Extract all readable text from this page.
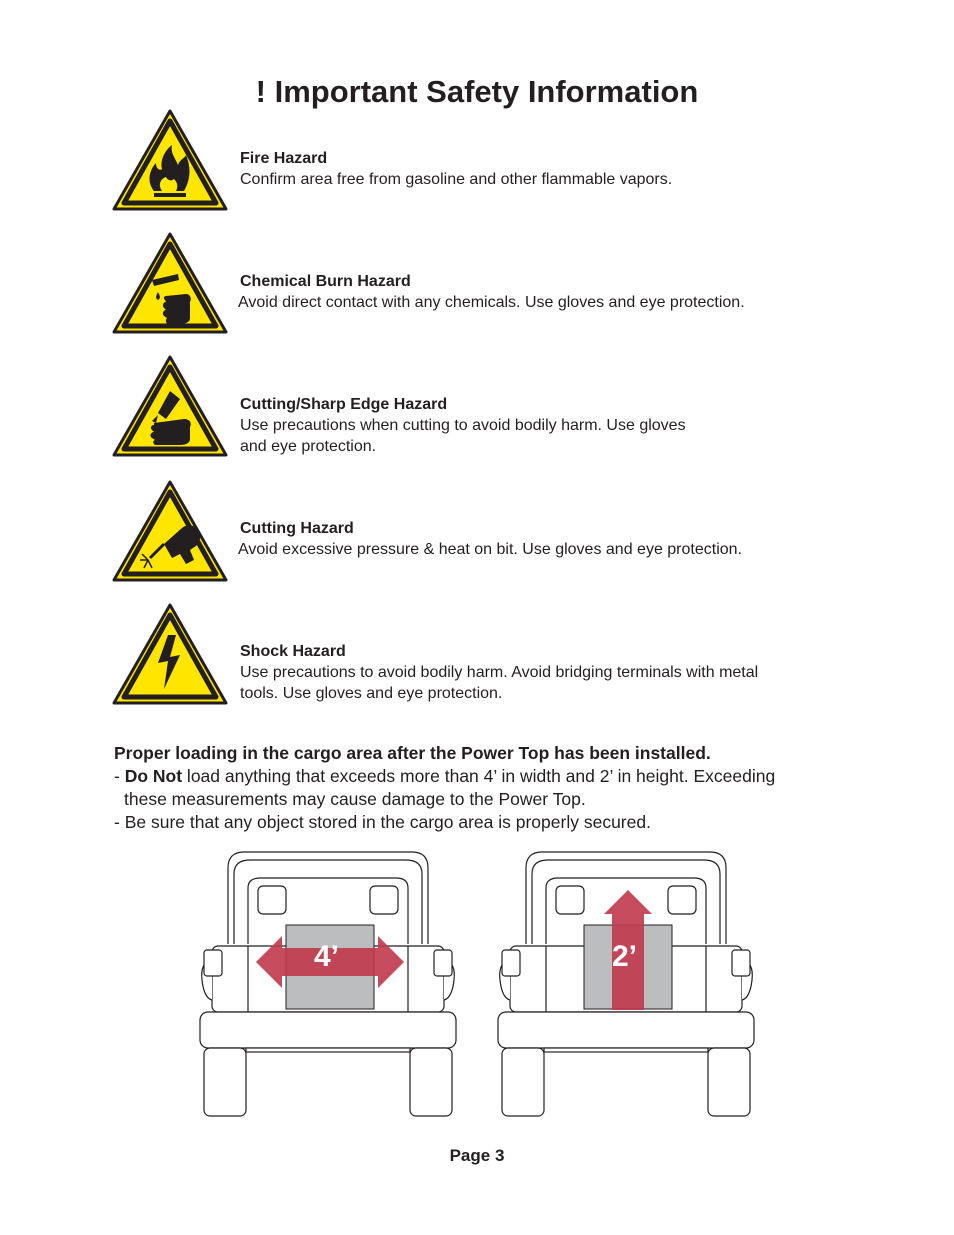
! Important Safety Information
Fire Hazard
Confirm area free from gasoline and other flammable vapors.
Chemical Burn Hazard
Avoid direct contact with any chemicals. Use gloves and eye protection.
Cutting/Sharp Edge Hazard
Use precautions when cutting to avoid bodily harm. Use gloves
and eye protection.
Cutting Hazard
Avoid excessive pressure & heat on bit. Use gloves and eye protection.
Shock Hazard
Use precautions to avoid bodily harm. Avoid bridging terminals with metal
tools. Use gloves and eye protection.

Proper loading in the cargo area after the Power Top has been installed.

- Do Not load anything that exceeds more than 4’ in width and 2’ in height. Exceeding

these measurements may cause damage to the Power Top.

- Be sure that any object stored in the cargo area is properly secured.

4’	2’
Page 3
